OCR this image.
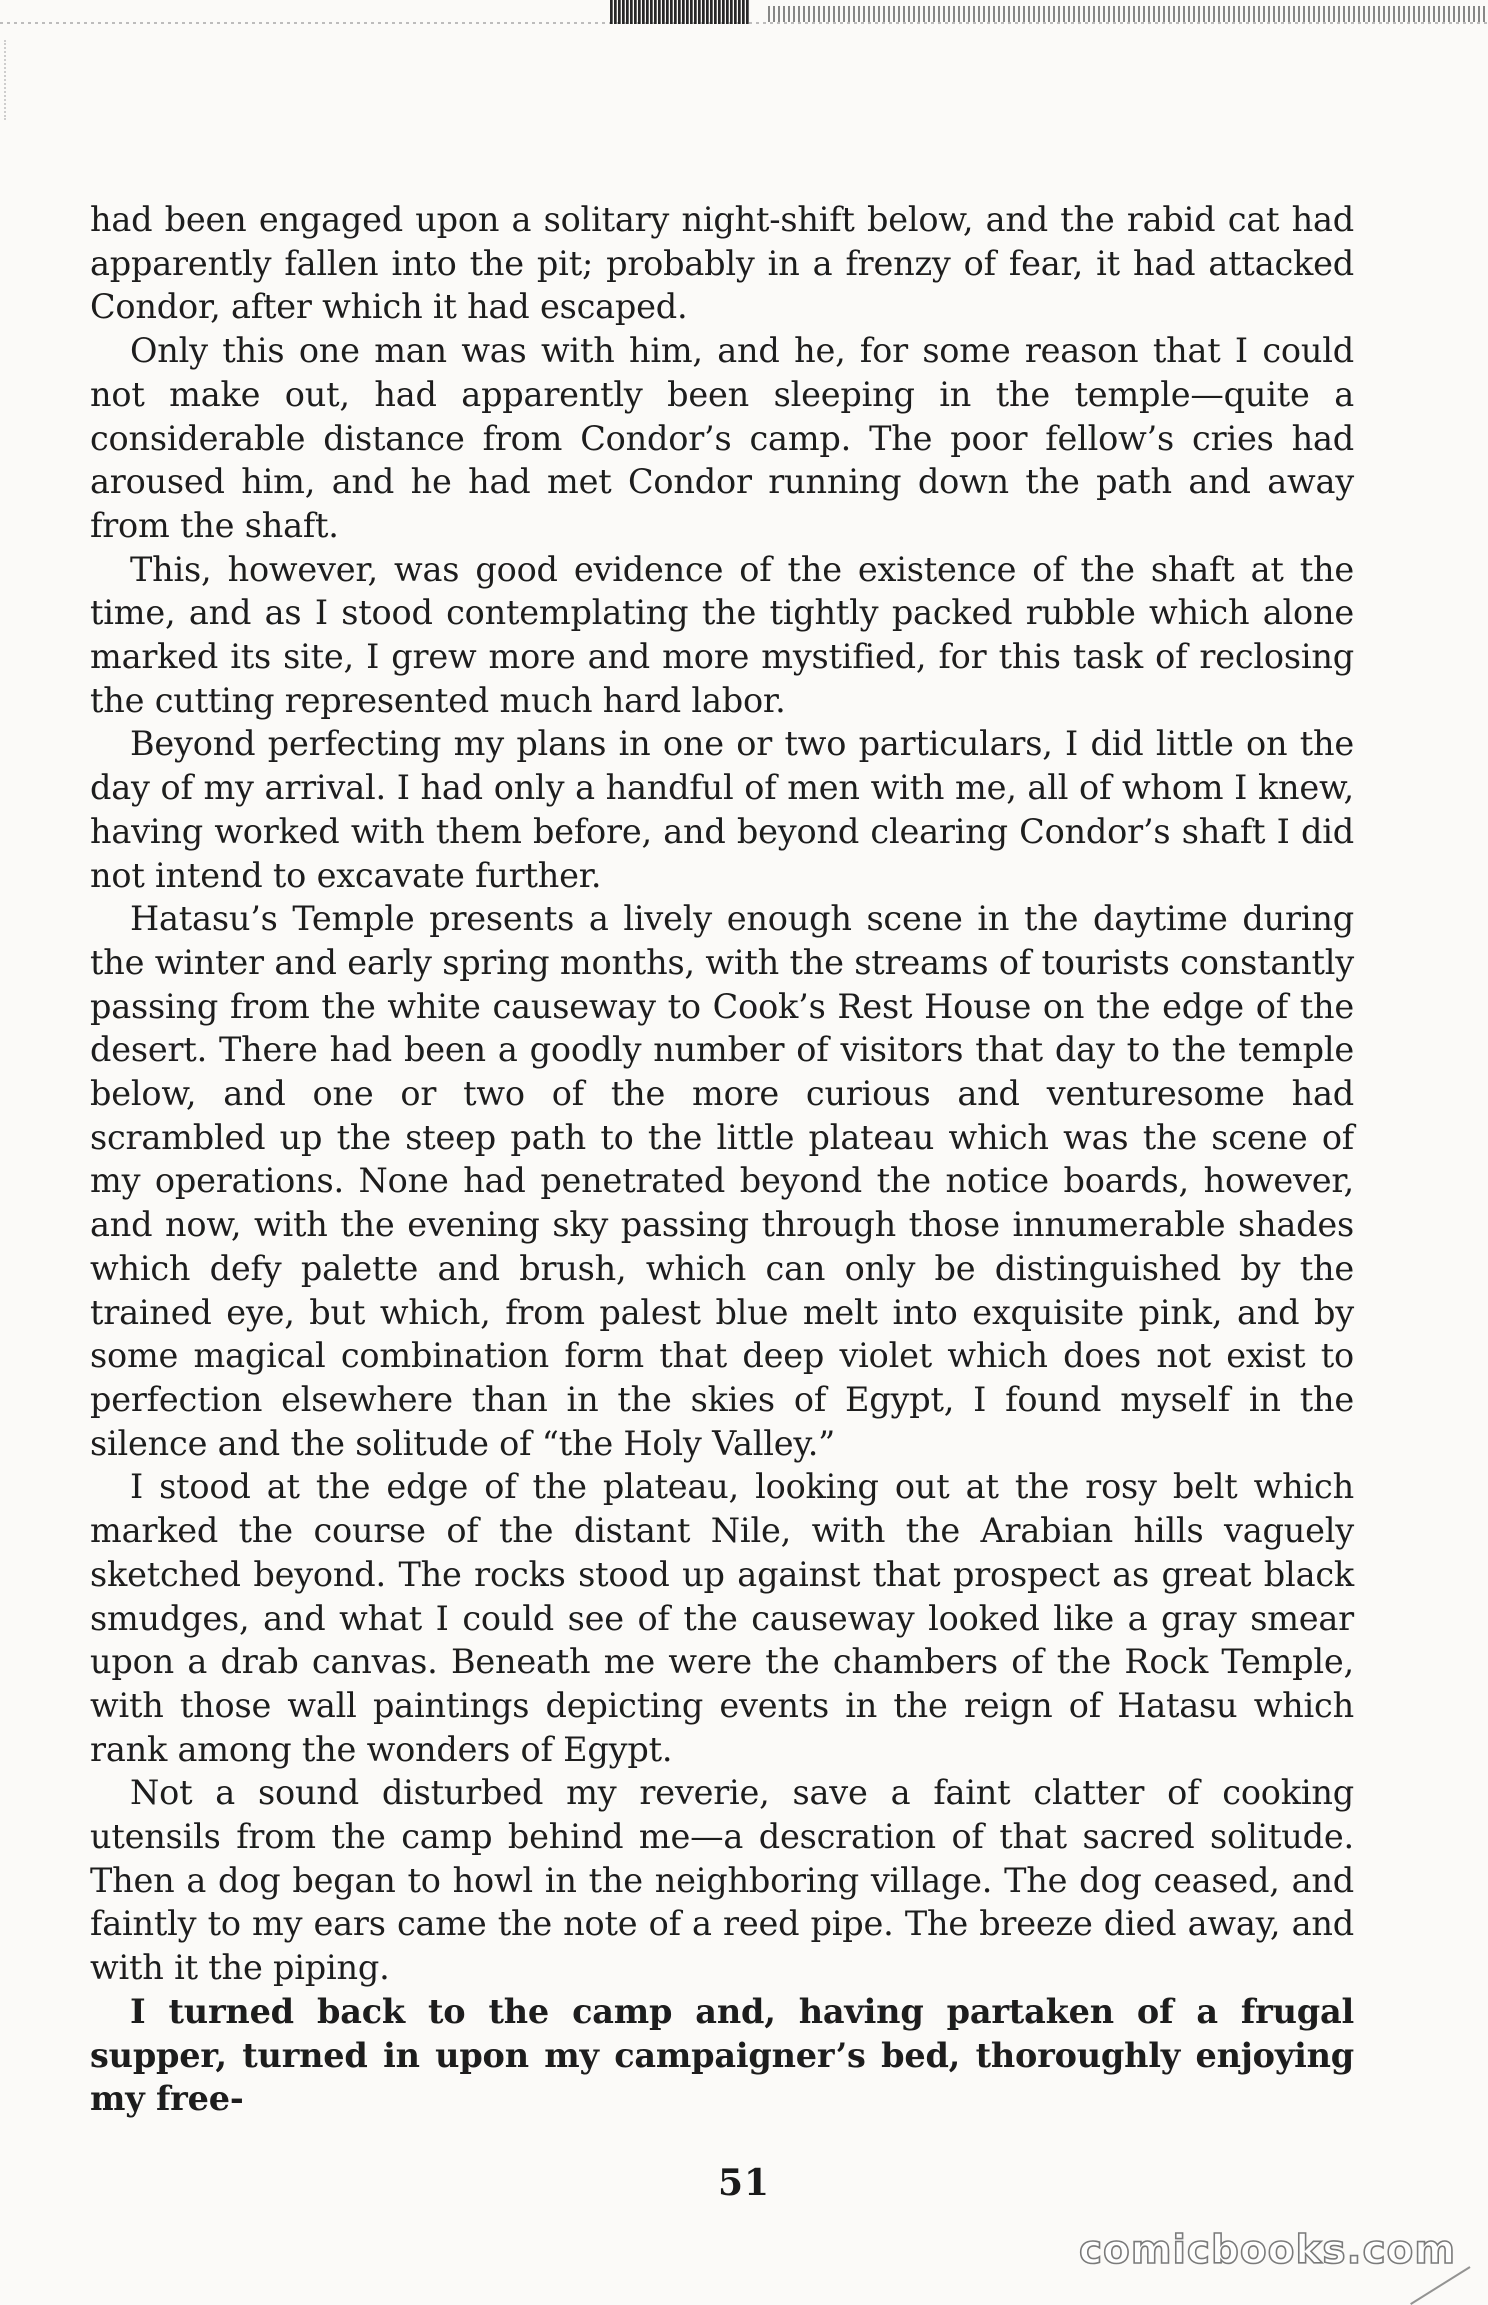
had been engaged upon a solitary night-shift below, and the rabid cat had apparently fallen into the pit; probably in a frenzy of fear, it had attacked Condor, after which it had escaped.

Only this one man was with him, and he, for some reason that I could not make out, had apparently been sleeping in the temple—quite a considerable distance from Condor’s camp. The poor fellow’s cries had aroused him, and he had met Condor running down the path and away from the shaft.

This, however, was good evidence of the existence of the shaft at the time, and as I stood contemplating the tightly packed rubble which alone marked its site, I grew more and more mystified, for this task of reclosing the cutting represented much hard labor.

Beyond perfecting my plans in one or two particulars, I did little on the day of my arrival. I had only a handful of men with me, all of whom I knew, having worked with them before, and beyond clearing Condor’s shaft I did not intend to excavate further.

Hatasu’s Temple presents a lively enough scene in the daytime during the winter and early spring months, with the streams of tourists constantly passing from the white causeway to Cook’s Rest House on the edge of the desert. There had been a goodly number of visitors that day to the temple below, and one or two of the more curious and venturesome had scrambled up the steep path to the little plateau which was the scene of my operations. None had penetrated beyond the notice boards, however, and now, with the evening sky passing through those innumerable shades which defy palette and brush, which can only be distinguished by the trained eye, but which, from palest blue melt into exquisite pink, and by some magical combination form that deep violet which does not exist to perfection elsewhere than in the skies of Egypt, I found myself in the silence and the solitude of “the Holy Valley.”

I stood at the edge of the plateau, looking out at the rosy belt which marked the course of the distant Nile, with the Arabian hills vaguely sketched beyond. The rocks stood up against that prospect as great black smudges, and what I could see of the causeway looked like a gray smear upon a drab canvas. Beneath me were the chambers of the Rock Temple, with those wall paintings depicting events in the reign of Hatasu which rank among the wonders of Egypt.

Not a sound disturbed my reverie, save a faint clatter of cooking utensils from the camp behind me—a descration of that sacred solitude. Then a dog began to howl in the neighboring village. The dog ceased, and faintly to my ears came the note of a reed pipe. The breeze died away, and with it the piping.

I turned back to the camp and, having partaken of a frugal supper, turned in upon my campaigner’s bed, thoroughly enjoying my free-

51
comicbooks.com
